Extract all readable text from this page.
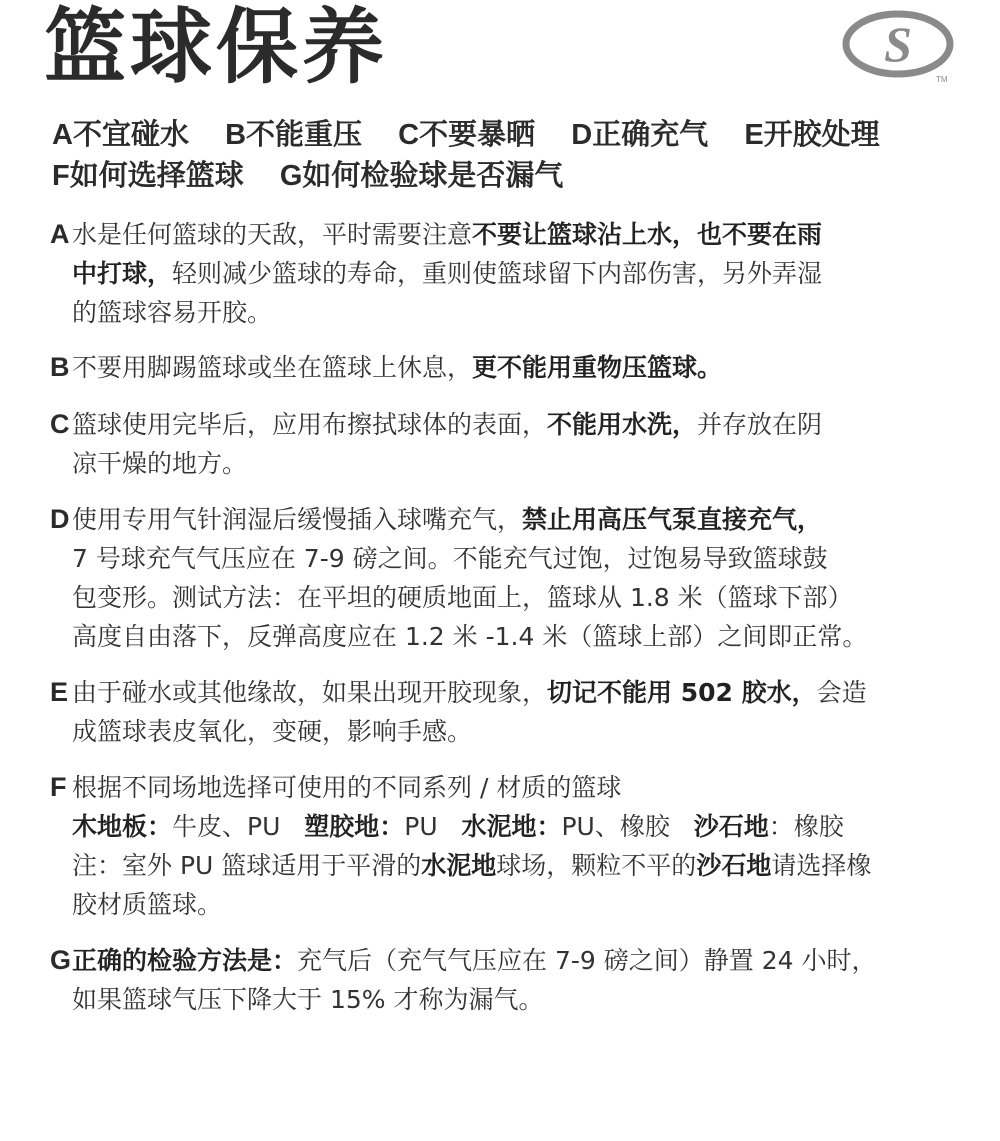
篮球保养	S
TM
A不宜碰水 B不能重压 C不要暴晒 D正确充气 E开胶处理
F如何选择篮球 G如何检验球是否漏气
A 水是任何篮球的天敌，平时需要注意不要让篮球沾上水，也不要在雨
中打球，轻则减少篮球的寿命，重则使篮球留下内部伤害，另外弄湿
的篮球容易开胶。
B 不要用脚踢篮球或坐在篮球上休息，更不能用重物压篮球。
C 篮球使用完毕后，应用布擦拭球体的表面，不能用水洗，并存放在阴
凉干燥的地方。
D 使用专用气针润湿后缓慢插入球嘴充气，禁止用高压气泵直接充气，
7 号球充气气压应在 7-9 磅之间。不能充气过饱，过饱易导致篮球鼓
包变形。测试方法：在平坦的硬质地面上，篮球从 1.8 米（篮球下部）
高度自由落下，反弹高度应在 1.2 米 -1.4 米（篮球上部）之间即正常。
E 由于碰水或其他缘故，如果出现开胶现象，切记不能用 502 胶水，会造
成篮球表皮氧化，变硬，影响手感。
F 根据不同场地选择可使用的不同系列 / 材质的篮球
木地板：牛皮、PU 塑胶地：PU 水泥地：PU、橡胶 沙石地：橡胶
注：室外 PU 篮球适用于平滑的水泥地球场，颗粒不平的沙石地请选择橡
胶材质篮球。
G 正确的检验方法是：充气后（充气气压应在 7-9 磅之间）静置 24 小时，
如果篮球气压下降大于 15% 才称为漏气。
